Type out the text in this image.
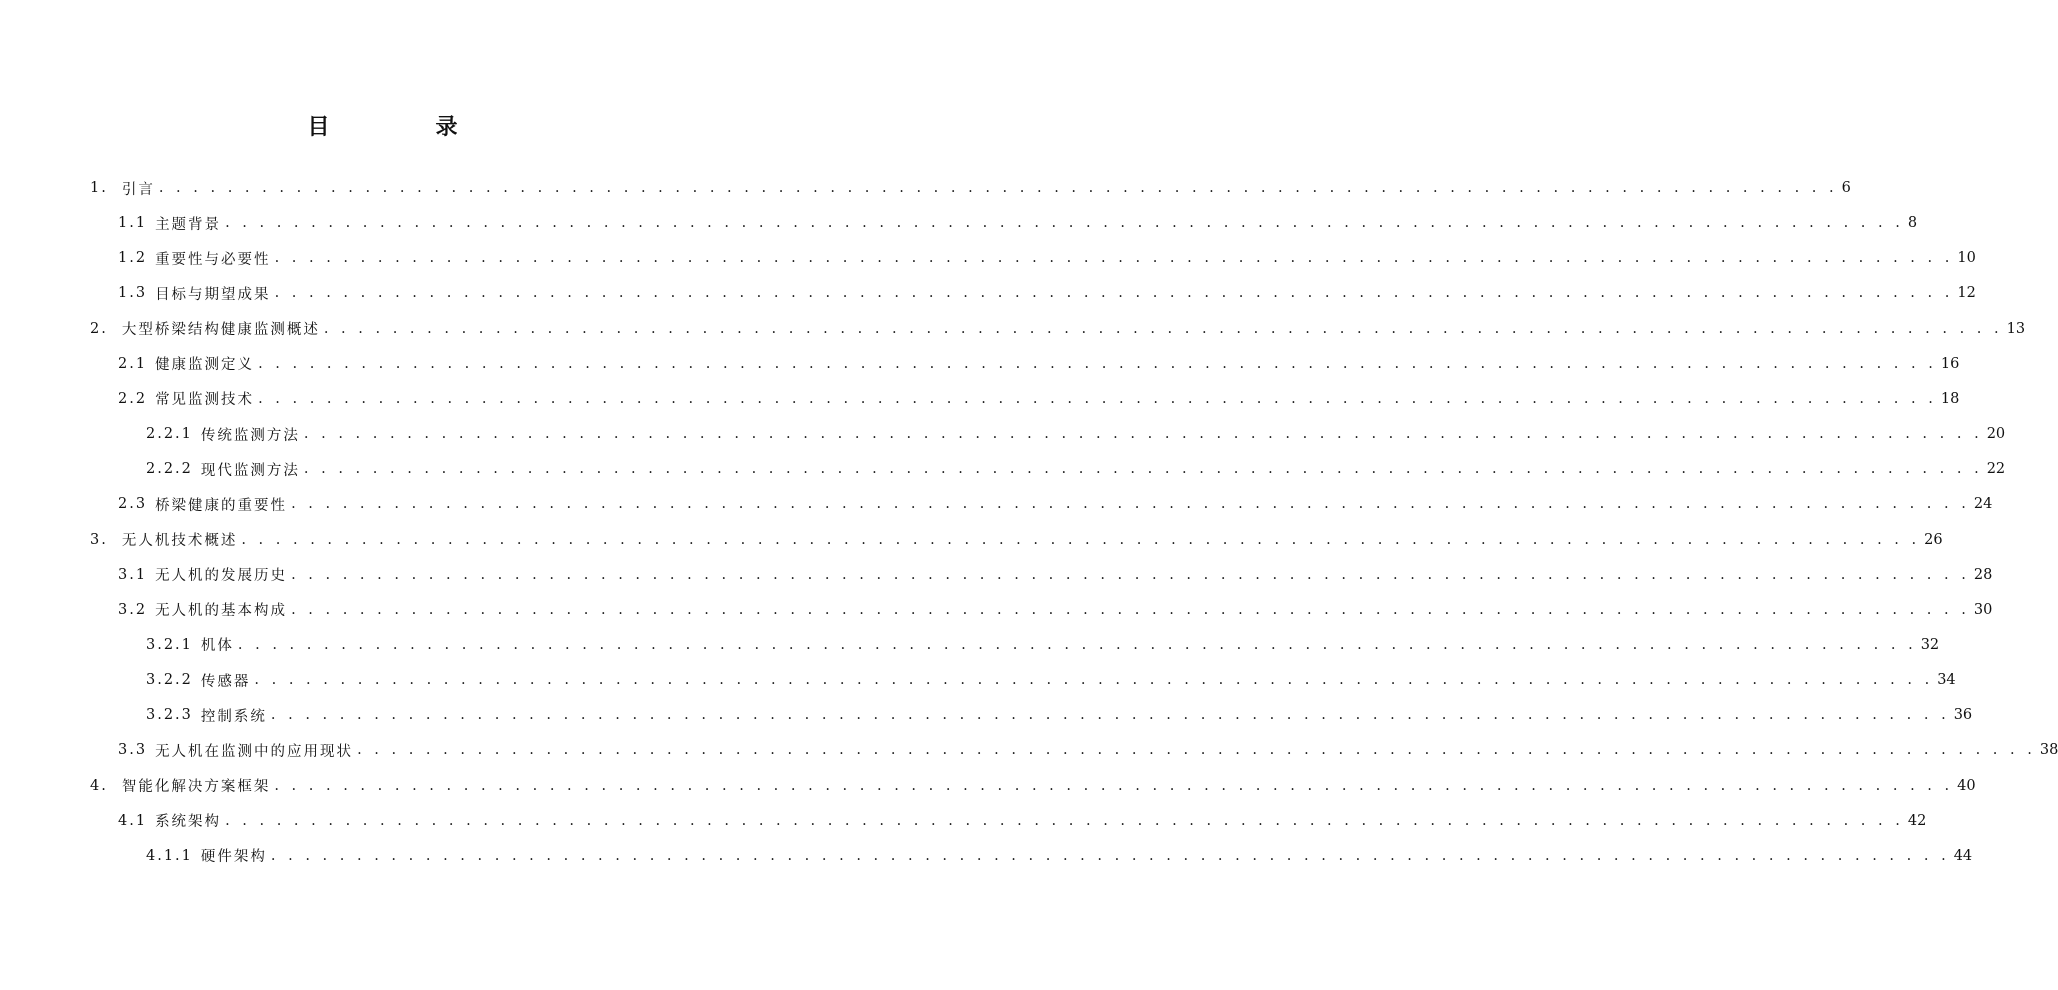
目　录
1. 引言 . . . . . . . . . . . . . . . . . . . . . . . . . . . . . . . . . . . . . . . . . . . . . . . . . . . . . . . . . . . . . . . . . . . . . . . . . . . . . . . . . . . . . . . . . . . . . . . . . . 6
1.1 主题背景 . . . . . . . . . . . . . . . . . . . . . . . . . . . . . . . . . . . . . . . . . . . . . . . . . . . . . . . . . . . . . . . . . . . . . . . . . . . . . . . . . . . . . . . . . . . . . . . . . . 8
1.2 重要性与必要性 . . . . . . . . . . . . . . . . . . . . . . . . . . . . . . . . . . . . . . . . . . . . . . . . . . . . . . . . . . . . . . . . . . . . . . . . . . . . . . . . . . . . . . . . . . . . . . . . . . 10
1.3 目标与期望成果 . . . . . . . . . . . . . . . . . . . . . . . . . . . . . . . . . . . . . . . . . . . . . . . . . . . . . . . . . . . . . . . . . . . . . . . . . . . . . . . . . . . . . . . . . . . . . . . . . . 12
2. 大型桥梁结构健康监测概述 . . . . . . . . . . . . . . . . . . . . . . . . . . . . . . . . . . . . . . . . . . . . . . . . . . . . . . . . . . . . . . . . . . . . . . . . . . . . . . . . . . . . . . . . . . . . . . . . . . 13
2.1 健康监测定义 . . . . . . . . . . . . . . . . . . . . . . . . . . . . . . . . . . . . . . . . . . . . . . . . . . . . . . . . . . . . . . . . . . . . . . . . . . . . . . . . . . . . . . . . . . . . . . . . . . 16
2.2 常见监测技术 . . . . . . . . . . . . . . . . . . . . . . . . . . . . . . . . . . . . . . . . . . . . . . . . . . . . . . . . . . . . . . . . . . . . . . . . . . . . . . . . . . . . . . . . . . . . . . . . . . 18
2.2.1 传统监测方法 . . . . . . . . . . . . . . . . . . . . . . . . . . . . . . . . . . . . . . . . . . . . . . . . . . . . . . . . . . . . . . . . . . . . . . . . . . . . . . . . . . . . . . . . . . . . . . . . . . 20
2.2.2 现代监测方法 . . . . . . . . . . . . . . . . . . . . . . . . . . . . . . . . . . . . . . . . . . . . . . . . . . . . . . . . . . . . . . . . . . . . . . . . . . . . . . . . . . . . . . . . . . . . . . . . . . 22
2.3 桥梁健康的重要性 . . . . . . . . . . . . . . . . . . . . . . . . . . . . . . . . . . . . . . . . . . . . . . . . . . . . . . . . . . . . . . . . . . . . . . . . . . . . . . . . . . . . . . . . . . . . . . . . . . 24
3. 无人机技术概述 . . . . . . . . . . . . . . . . . . . . . . . . . . . . . . . . . . . . . . . . . . . . . . . . . . . . . . . . . . . . . . . . . . . . . . . . . . . . . . . . . . . . . . . . . . . . . . . . . . 26
3.1 无人机的发展历史 . . . . . . . . . . . . . . . . . . . . . . . . . . . . . . . . . . . . . . . . . . . . . . . . . . . . . . . . . . . . . . . . . . . . . . . . . . . . . . . . . . . . . . . . . . . . . . . . . . 28
3.2 无人机的基本构成 . . . . . . . . . . . . . . . . . . . . . . . . . . . . . . . . . . . . . . . . . . . . . . . . . . . . . . . . . . . . . . . . . . . . . . . . . . . . . . . . . . . . . . . . . . . . . . . . . . 30
3.2.1 机体 . . . . . . . . . . . . . . . . . . . . . . . . . . . . . . . . . . . . . . . . . . . . . . . . . . . . . . . . . . . . . . . . . . . . . . . . . . . . . . . . . . . . . . . . . . . . . . . . . . 32
3.2.2 传感器 . . . . . . . . . . . . . . . . . . . . . . . . . . . . . . . . . . . . . . . . . . . . . . . . . . . . . . . . . . . . . . . . . . . . . . . . . . . . . . . . . . . . . . . . . . . . . . . . . . 34
3.2.3 控制系统 . . . . . . . . . . . . . . . . . . . . . . . . . . . . . . . . . . . . . . . . . . . . . . . . . . . . . . . . . . . . . . . . . . . . . . . . . . . . . . . . . . . . . . . . . . . . . . . . . . 36
3.3 无人机在监测中的应用现状 . . . . . . . . . . . . . . . . . . . . . . . . . . . . . . . . . . . . . . . . . . . . . . . . . . . . . . . . . . . . . . . . . . . . . . . . . . . . . . . . . . . . . . . . . . . . . . . . . . 38
4. 智能化解决方案框架 . . . . . . . . . . . . . . . . . . . . . . . . . . . . . . . . . . . . . . . . . . . . . . . . . . . . . . . . . . . . . . . . . . . . . . . . . . . . . . . . . . . . . . . . . . . . . . . . . . 40
4.1 系统架构 . . . . . . . . . . . . . . . . . . . . . . . . . . . . . . . . . . . . . . . . . . . . . . . . . . . . . . . . . . . . . . . . . . . . . . . . . . . . . . . . . . . . . . . . . . . . . . . . . . 42
4.1.1 硬件架构 . . . . . . . . . . . . . . . . . . . . . . . . . . . . . . . . . . . . . . . . . . . . . . . . . . . . . . . . . . . . . . . . . . . . . . . . . . . . . . . . . . . . . . . . . . . . . . . . . . 44
